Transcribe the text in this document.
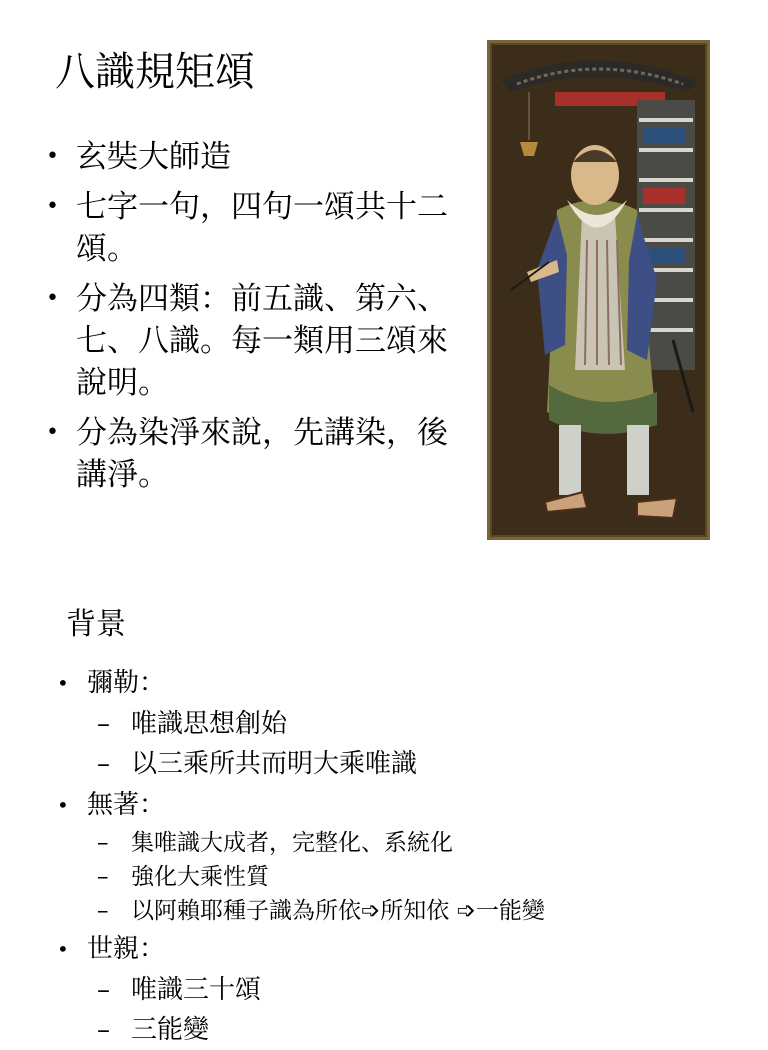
八識規矩頌
• 玄奘大師造
• 七字一句，四句一頌共十二頌。
• 分為四類：前五識、第六、七、八識。每一類用三頌來說明。
• 分為染淨來說，先講染，後講淨。
背景
• 彌勒：
– 唯識思想創始
– 以三乘所共而明大乘唯識
• 無著：
– 集唯識大成者，完整化、系統化
– 強化大乘性質
– 以阿賴耶種子識為所依➩所知依 ➩一能變
• 世親：
– 唯識三十頌
– 三能變
